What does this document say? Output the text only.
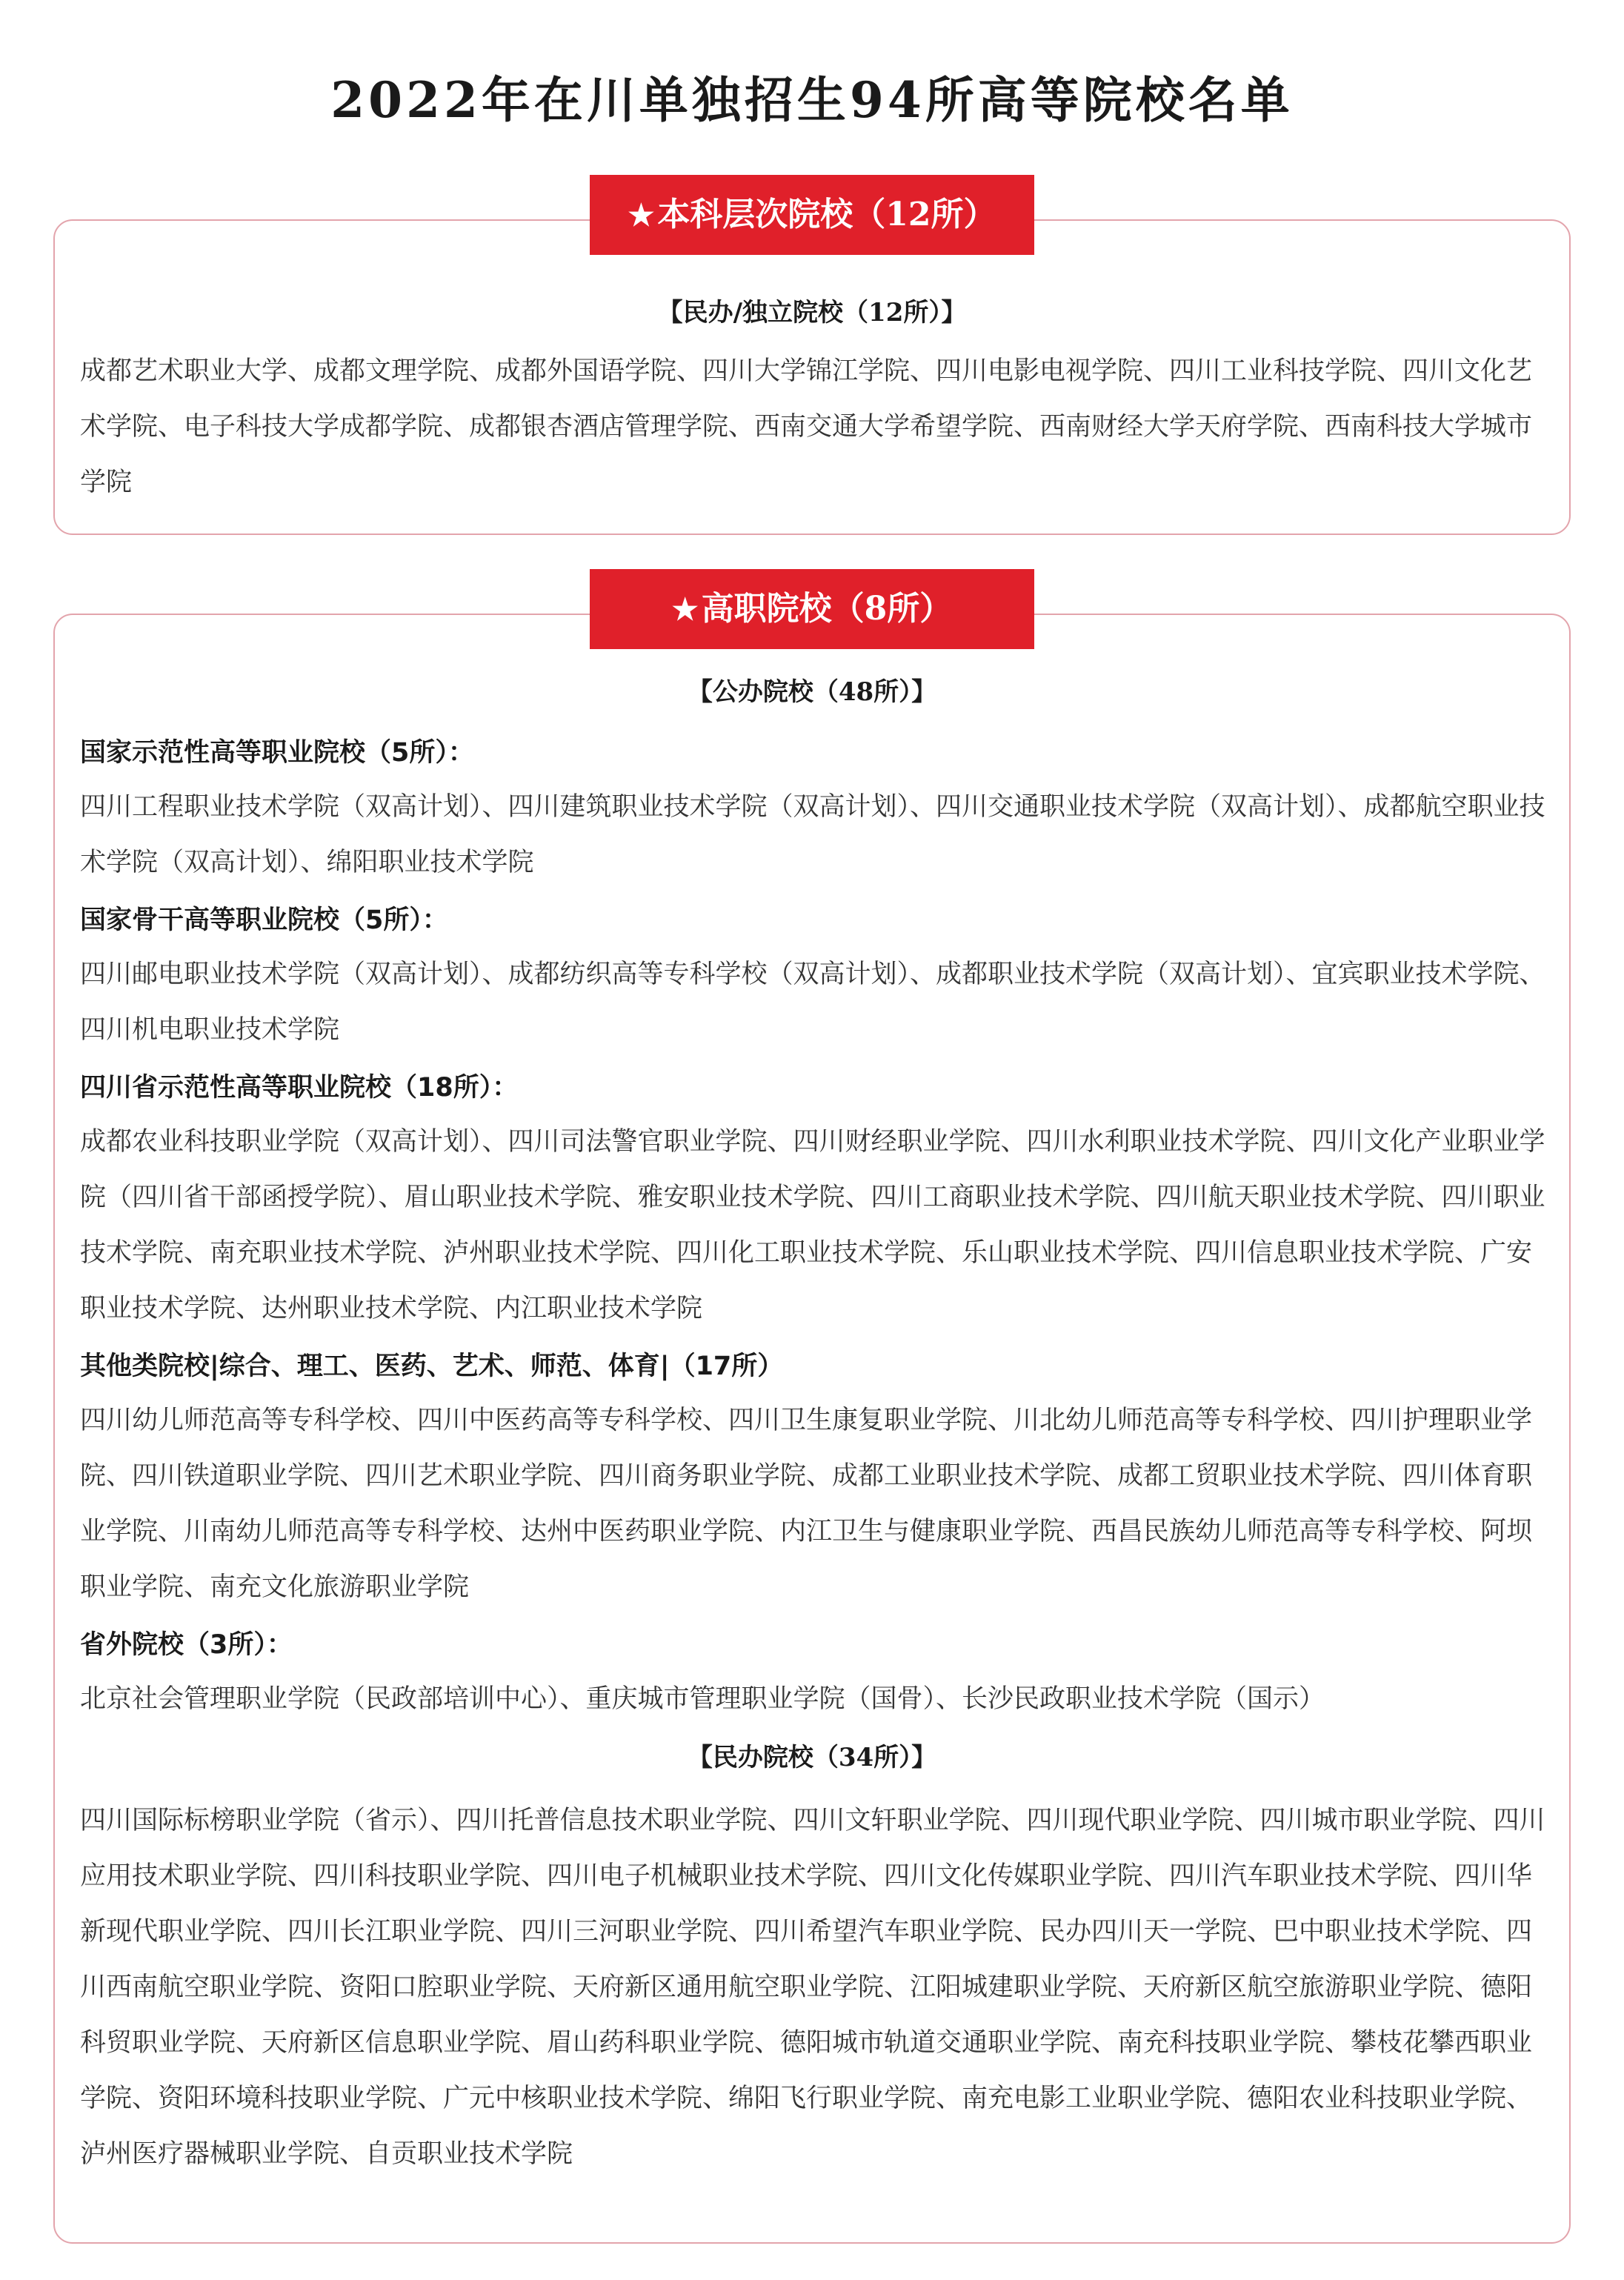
2022年在川单独招生94所高等院校名单
★本科层次院校（12所）
【民办/独立院校（12所）】

成都艺术职业大学、成都文理学院、成都外国语学院、四川大学锦江学院、四川电影电视学院、四川工业科技学院、四川文化艺术学院、电子科技大学成都学院、成都银杏酒店管理学院、西南交通大学希望学院、西南财经大学天府学院、西南科技大学城市学院

★高职院校（8所）
【公办院校（48所）】

国家示范性高等职业院校（5所）：

四川工程职业技术学院（双高计划）、四川建筑职业技术学院（双高计划）、四川交通职业技术学院（双高计划）、成都航空职业技术学院（双高计划）、绵阳职业技术学院

国家骨干高等职业院校（5所）：

四川邮电职业技术学院（双高计划）、成都纺织高等专科学校（双高计划）、成都职业技术学院（双高计划）、宜宾职业技术学院、四川机电职业技术学院

四川省示范性高等职业院校（18所）：

成都农业科技职业学院（双高计划）、四川司法警官职业学院、四川财经职业学院、四川水利职业技术学院、四川文化产业职业学院（四川省干部函授学院）、眉山职业技术学院、雅安职业技术学院、四川工商职业技术学院、四川航天职业技术学院、四川职业技术学院、南充职业技术学院、泸州职业技术学院、四川化工职业技术学院、乐山职业技术学院、四川信息职业技术学院、广安职业技术学院、达州职业技术学院、内江职业技术学院

其他类院校|综合、理工、医药、艺术、师范、体育|（17所）

四川幼儿师范高等专科学校、四川中医药高等专科学校、四川卫生康复职业学院、川北幼儿师范高等专科学校、四川护理职业学院、四川铁道职业学院、四川艺术职业学院、四川商务职业学院、成都工业职业技术学院、成都工贸职业技术学院、四川体育职业学院、川南幼儿师范高等专科学校、达州中医药职业学院、内江卫生与健康职业学院、西昌民族幼儿师范高等专科学校、阿坝职业学院、南充文化旅游职业学院

省外院校（3所）：

北京社会管理职业学院（民政部培训中心）、重庆城市管理职业学院（国骨）、长沙民政职业技术学院（国示）

【民办院校（34所）】

四川国际标榜职业学院（省示）、四川托普信息技术职业学院、四川文轩职业学院、四川现代职业学院、四川城市职业学院、四川应用技术职业学院、四川科技职业学院、四川电子机械职业技术学院、四川文化传媒职业学院、四川汽车职业技术学院、四川华新现代职业学院、四川长江职业学院、四川三河职业学院、四川希望汽车职业学院、民办四川天一学院、巴中职业技术学院、四川西南航空职业学院、资阳口腔职业学院、天府新区通用航空职业学院、江阳城建职业学院、天府新区航空旅游职业学院、德阳科贸职业学院、天府新区信息职业学院、眉山药科职业学院、德阳城市轨道交通职业学院、南充科技职业学院、攀枝花攀西职业学院、资阳环境科技职业学院、广元中核职业技术学院、绵阳飞行职业学院、南充电影工业职业学院、德阳农业科技职业学院、泸州医疗器械职业学院、自贡职业技术学院
